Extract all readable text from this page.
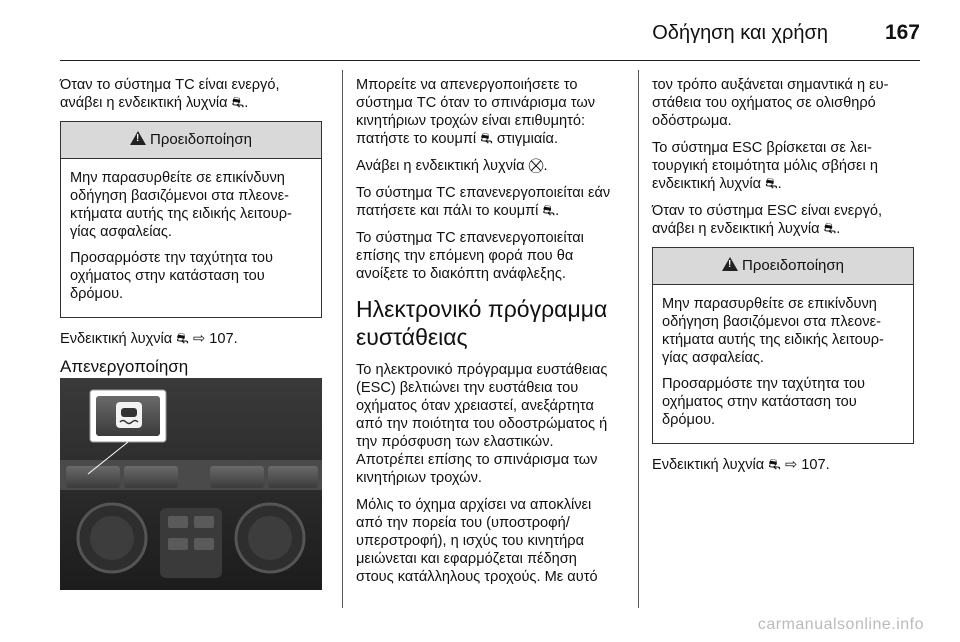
Οδήγηση και χρήση	167

Όταν το σύστημα TC είναι ενεργό, ανάβει η ενδεικτική λυχνία ⛐.

!Προειδοποίηση

Μην παρασυρθείτε σε επικίνδυνη οδήγηση βασιζόμενοι στα πλεονεκτήματα αυτής της ειδικής λειτουργίας ασφαλείας.

Προσαρμόστε την ταχύτητα του οχήματος στην κατάσταση του δρόμου.

Ενδεικτική λυχνία ⛐ ⇨ 107.

Απενεργοποίηση

Μπορείτε να απενεργοποιήσετε το σύστημα TC όταν το σπινάρισμα των κινητήριων τροχών είναι επιθυμητό: πατήστε το κουμπί ⛐ στιγμιαία.

Ανάβει η ενδεικτική λυχνία ⛒.

Το σύστημα TC επανενεργοποιείται εάν πατήσετε και πάλι το κουμπί ⛐.

Το σύστημα TC επανενεργοποιείται επίσης την επόμενη φορά που θα ανοίξετε το διακόπτη ανάφλεξης.

Ηλεκτρονικό πρόγραμμα ευστάθειας

Το ηλεκτρονικό πρόγραμμα ευστάθειας (ESC) βελτιώνει την ευστάθεια του οχήματος όταν χρειαστεί, ανεξάρτητα από την ποιότητα του οδοστρώματος ή την πρόσφυση των ελαστικών. Αποτρέπει επίσης το σπινάρισμα των κινητήριων τροχών.

Μόλις το όχημα αρχίσει να αποκλίνει από την πορεία του (υποστροφή/ υπερστροφή), η ισχύς του κινητήρα μειώνεται και εφαρμόζεται πέδηση στους κατάλληλους τροχούς. Με αυτό

τον τρόπο αυξάνεται σημαντικά η ευστάθεια του οχήματος σε ολισθηρό οδόστρωμα.

Το σύστημα ESC βρίσκεται σε λειτουργική ετοιμότητα μόλις σβήσει η ενδεικτική λυχνία ⛐.

Όταν το σύστημα ESC είναι ενεργό, ανάβει η ενδεικτική λυχνία ⛐.

!Προειδοποίηση

Μην παρασυρθείτε σε επικίνδυνη οδήγηση βασιζόμενοι στα πλεονεκτήματα αυτής της ειδικής λειτουργίας ασφαλείας.

Προσαρμόστε την ταχύτητα του οχήματος στην κατάσταση του δρόμου.

Ενδεικτική λυχνία ⛐ ⇨ 107.

carmanualsonline.info
